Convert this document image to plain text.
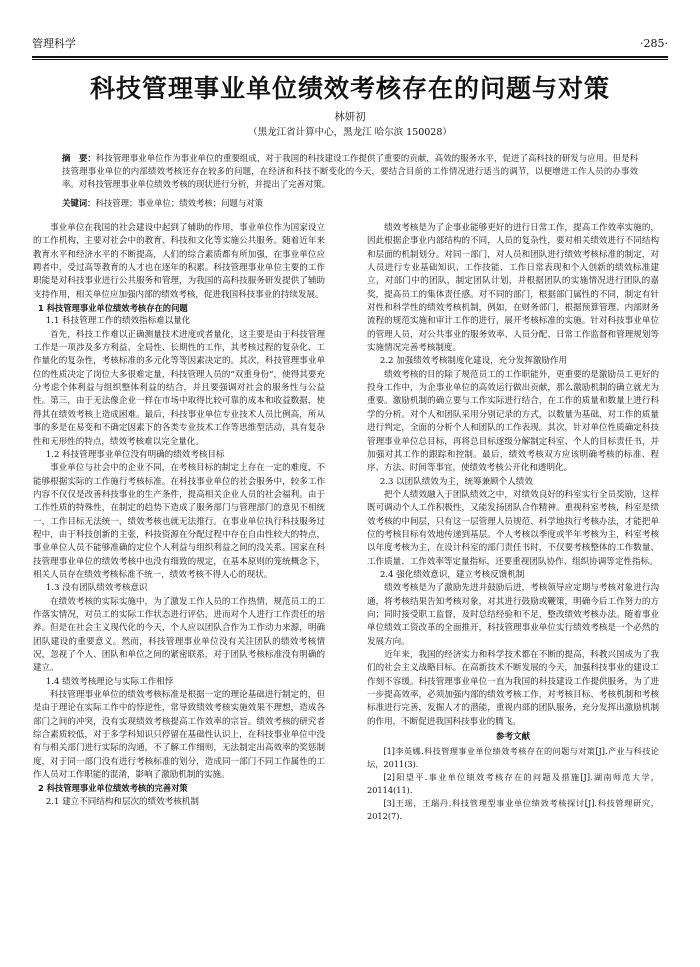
管理科学	·285·
科技管理事业单位绩效考核存在的问题与对策
林妍初
（黑龙江省计算中心，黑龙江 哈尔滨 150028）
摘　要：科技管理事业单位作为事业单位的重要组成，对于我国的科技建设工作提供了重要的贡献，高效的服务水平，促进了高科技的研发与应用。但是科技管理事业单位的内部绩效考核还存在较多的问题，在经济和科技不断变化的今天，要结合目前的工作情况进行适当的调节，以便增进工作人员的办事效率。对科技管理事业单位绩效考核的现状进行分析，并提出了完善对策。
关键词：科技管理；事业单位；绩效考核；问题与对策

事业单位在我国的社会建设中起到了辅助的作用，事业单位作为国家设立的工作机构，主要对社会中的教育、科技和文化等实施公共服务。随着近年来教育水平和经济水平的不断提高，人们的综合素质都有所加强，在事业单位应聘者中，受过高等教育的人才也在逐年的积累。科技管理事业单位主要的工作职能是对科技事业进行公共服务和管理，为我国的高科技服务研发提供了辅助支持作用，相关单位应加强内部的绩效考核，促进我国科技事业的持续发展。

1 科技管理事业单位绩效考核存在的问题

1.1 科技管理工作的绩效指标难以量化

首先，科技工作难以正确测量技术进度或者量化，这主要是由于科技管理工作是一项涉及多方利益、全局性、长期性的工作，其考核过程的复杂化、工作量化的复杂性，考核标准的多元化等等因素决定的。其次，科技管理事业单位的性质决定了岗位大多很难定量，科技管理人员的“双重身份”，使得其要充分考虑个体利益与组织整体利益的结合，并且要强调对社会的服务性与公益性。第三，由于无法像企业一样在市场中取得比较可靠的成本和收益数据，使得其在绩效考核上造成困难。最后，科技事业单位专业技术人员比例高，所从事的多是在易变和不确定因素下的各类专业技术工作等思维型活动，具有复杂性和无形性的特点，绩效考核难以完全量化。

1.2 科技管理事业单位没有明确的绩效考核目标

事业单位与社会中的企业不同，在考核目标的制定上存在一定的难度，不能够根据实际的工作施行考核标准。在科技事业单位的社会服务中，较多工作内容不仅仅是改善科技事业的生产条件，提高相关企业人员的社会福利。由于工作性质的特殊性，在制定的趋势下造成了服务部门与管理部门的意见不相统一，工作目标无法统一，绩效考核也就无法推行。在事业单位执行科技服务过程中，由于科技创新的主张，科技资源在分配过程中存在自由性较大的特点，事业单位人员不能够准确的定位个人利益与组织利益之间的没关系。国家在科技管理事业单位的绩效考核中也没有细致的规定，在基本原则的笼统概念下，相关人员存在绩效考核标准不统一，绩效考核不得人心的现状。

1.3 没有团队绩效考核意识

在绩效考核的实际实施中，为了激发工作人员的工作热情，规范员工的工作落实情况，对员工的实际工作状态进行评估，进而对个人进行工作责任的培养。但是在社会主义现代化的今天，个人应以团队合作为工作动力来源，明确团队建设的重要意义。然而，科技管理事业单位没有关注团队的绩效考核情况，忽视了个人、团队和单位之间的紧密联系，对于团队考核标准没有明确的建立。

1.4 绩效考核理论与实际工作相悖

科技管理事业单位的绩效考核标准是根据一定的理论基础进行制定的，但是由于理论在实际工作中的悖逆性，常导致绩效考核实施效果不理想，造成各部门之间的冲突，没有实现绩效考核提高工作效率的宗旨。绩效考核的研究者综合素质较低，对于多学科知识只停留在基础性认识上，在科技事业单位中没有与相关部门进行实际的沟通，不了解工作细则，无法制定出高效率的奖惩制度，对于同一部门没有进行考核标准的划分，造成同一部门不同工作属性的工作人员对工作职能的混淆，影响了激励机制的实施。

2 科技管理事业单位绩效考核的完善对策

2.1 建立不同结构和层次的绩效考核机制

绩效考核是为了企事业能够更好的进行日常工作，提高工作效率实施的，因此根据企事业内部结构的不同，人员的复杂性，要对相关绩效进行不同结构和层面的机制划分。对同一部门，对人员和团队进行绩效考核标准的制定，对人员进行专业基础知识、工作技能、工作日常表现和个人创新的绩效标准建立，对部门中的团队，制定团队计划，并根据团队的实施情况进行团队的嘉奖，提高员工的集体责任感。对不同的部门，根据部门属性的不同，制定有针对性和科学性的绩效考核机制，例如，在财务部门，根据预算管理、内部财务流程的规范实施和审计工作的进行，展开考核标准的实施。针对科技事业单位的管理人员，对公共事业的服务效率、人员分配、日常工作监督和管理规划等实施情况完善考核制度。

2.2 加强绩效考核制度化建设，充分发挥激励作用

绩效考核的目的除了规范员工的工作职能外，更重要的是激励员工更好的投身工作中，为企事业单位的高效运行做出贡献，那么激励机制的确立就尤为重要。激励机制的确立要与工作实际进行结合，在工作的质量和数量上进行科学的分析。对个人和团队采用分别记录的方式，以数量为基础，对工作的质量进行判定，全面的分析个人和团队的工作表现。其次，针对单位性质确定科技管理事业单位总目标，再将总目标逐级分解制定科室、个人的目标责任书，并加强对其工作的跟踪和控制。最后，绩效考核双方应该明确考核的标准、程序、方法、时间等事宜，使绩效考核公开化和透明化。

2.3 以团队绩效为主，统筹兼顾个人绩效

把个人绩效融入于团队绩效之中，对绩效良好的科室实行全员奖励，这样既可调动个人工作积极性，又能发扬团队合作精神。重视科室考核，科室是绩效考核的中间层，只有这一层管理人员规范、科学地执行考核办法，才能把单位的考核目标有效地传递到基层。个人考核以季度或半年考核为主，科室考核以年度考核为主，在设计科室的部门责任书时，不仅要考核整体的工作数量、工作质量、工作效率等定量指标，还要重视团队协作、组织协调等定性指标。

2.4 强化绩效意识，建立考核反馈机制

绩效考核是为了激励先进并鼓励后进，考核领导应定期与考核对象进行沟通，将考核结果告知考核对象，对其进行鼓励或鞭策，明确今后工作努力的方向；同时接受职工监督，及时总结经验和不足，整改绩效考核办法。随着事业单位绩效工资改革的全面推开，科技管理事业单位实行绩效考核是一个必然的发展方向。

近年来，我国的经济实力和科学技术都在不断的提高，科教兴国成为了我们的社会主义战略目标。在高新技术不断发展的今天，加强科技事业的建设工作刻不容缓。科技管理事业单位一直为我国的科技建设工作提供服务，为了进一步提高效率，必须加强内部的绩效考核工作，对考核目标、考核机制和考核标准进行完善，发掘人才的潜能，重视内部的团队服务，充分发挥出激励机制的作用，不断促进我国科技事业的腾飞。

参考文献

[1]李英娜.科技管理事业单位绩效考核存在的问题与对策[J].产业与科技论坛，2011(3).

[2]阳望平.事业单位绩效考核存在的问题及措施[J].湖南师范大学，20114(11).

[3]王瑶，王瑞丹.科技管理型事业单位绩效考核探讨[J].科技管理研究，2012(7).
